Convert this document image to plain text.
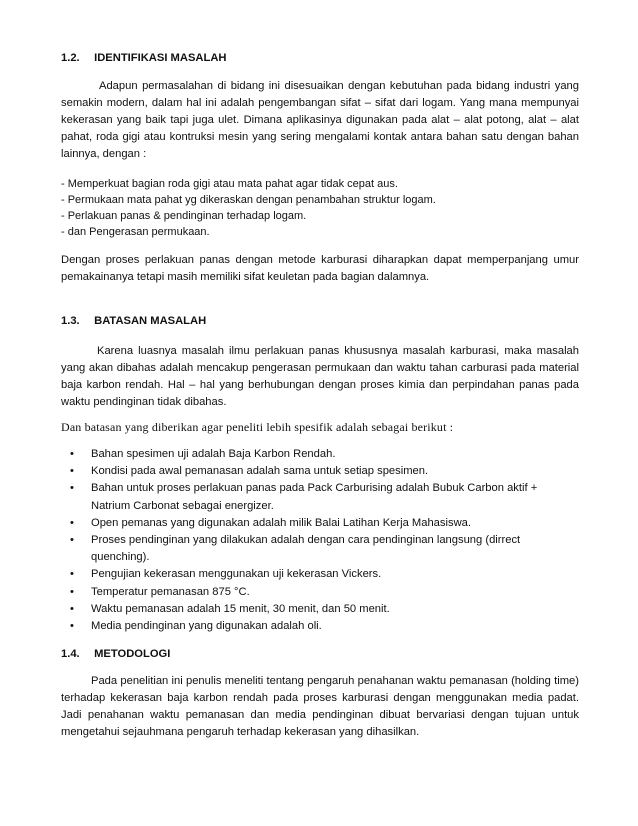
1.2. IDENTIFIKASI MASALAH
Adapun permasalahan di bidang ini disesuaikan dengan kebutuhan pada bidang industri yang semakin modern, dalam hal ini adalah pengembangan sifat – sifat dari logam. Yang mana mempunyai kekerasan yang baik tapi juga ulet. Dimana aplikasinya digunakan pada alat – alat potong, alat – alat pahat, roda gigi atau kontruksi mesin yang sering mengalami kontak antara bahan satu dengan bahan lainnya, dengan :
- Memperkuat bagian roda gigi atau mata pahat agar tidak cepat aus.
- Permukaan mata pahat yg dikeraskan dengan penambahan struktur logam.
- Perlakuan panas & pendinginan terhadap logam.
- dan Pengerasan permukaan.
Dengan proses perlakuan panas dengan metode karburasi diharapkan dapat memperpanjang umur pemakainanya tetapi masih memiliki sifat keuletan pada bagian dalamnya.
1.3. BATASAN MASALAH
Karena luasnya masalah ilmu perlakuan panas khususnya masalah karburasi, maka masalah yang akan dibahas adalah mencakup pengerasan permukaan dan waktu tahan carburasi pada material baja karbon rendah. Hal – hal yang berhubungan dengan proses kimia dan perpindahan panas pada waktu pendinginan tidak dibahas.
Dan batasan yang diberikan agar peneliti lebih spesifik adalah sebagai berikut :
• Bahan spesimen uji adalah Baja Karbon Rendah.
• Kondisi pada awal pemanasan adalah sama untuk setiap spesimen.
• Bahan untuk proses perlakuan panas pada Pack Carburising adalah Bubuk Carbon aktif + Natrium Carbonat sebagai energizer.
• Open pemanas yang digunakan adalah milik Balai Latihan Kerja Mahasiswa.
• Proses pendinginan yang dilakukan adalah dengan cara pendinginan langsung (dirrect quenching).
• Pengujian kekerasan menggunakan uji kekerasan Vickers.
• Temperatur pemanasan 875 °C.
• Waktu pemanasan adalah 15 menit, 30 menit, dan 50 menit.
• Media pendinginan yang digunakan adalah oli.
1.4. METODOLOGI
Pada penelitian ini penulis meneliti tentang pengaruh penahanan waktu pemanasan (holding time) terhadap kekerasan baja karbon rendah pada proses karburasi dengan menggunakan media padat. Jadi penahanan waktu pemanasan dan media pendinginan dibuat bervariasi dengan tujuan untuk mengetahui sejauhmana pengaruh terhadap kekerasan yang dihasilkan.
